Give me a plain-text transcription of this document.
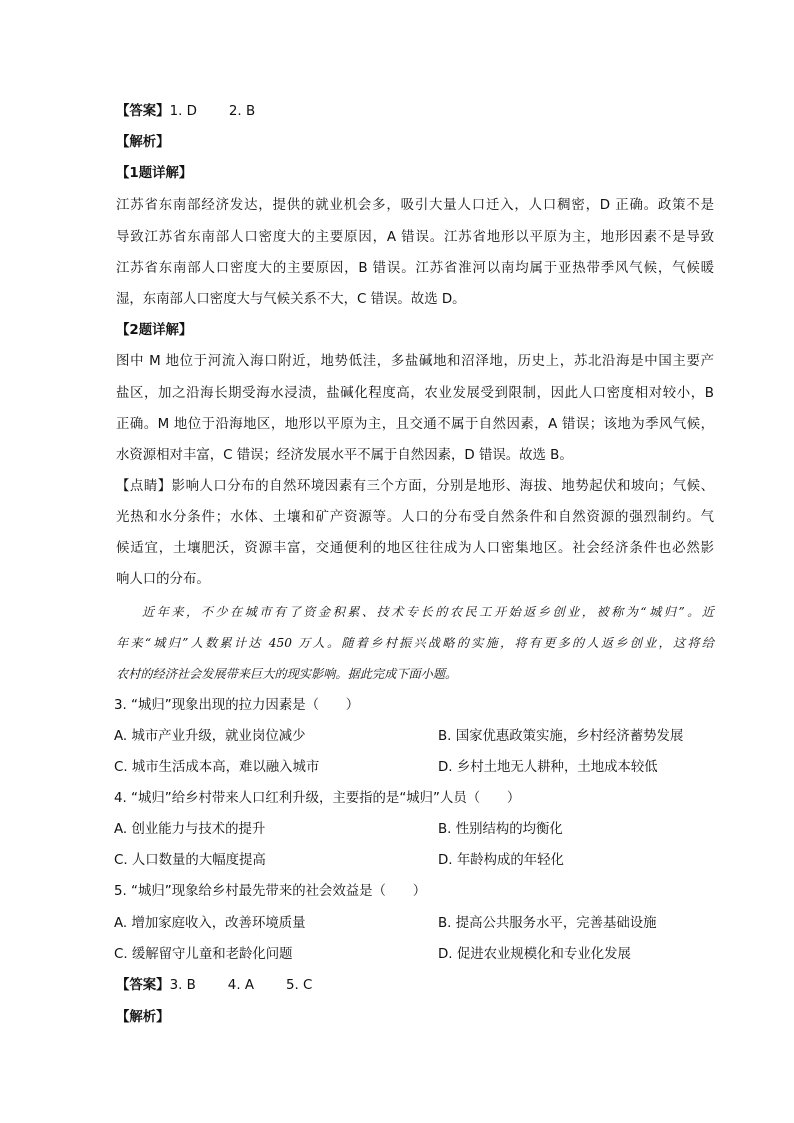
【答案】1. D 2. B
【解析】
【1题详解】
江苏省东南部经济发达，提供的就业机会多，吸引大量人口迁入，人口稠密，D 正确。政策不是
导致江苏省东南部人口密度大的主要原因，A 错误。江苏省地形以平原为主，地形因素不是导致
江苏省东南部人口密度大的主要原因，B 错误。江苏省淮河以南均属于亚热带季风气候，气候暖
湿，东南部人口密度大与气候关系不大，C 错误。故选 D。
【2题详解】
图中 M 地位于河流入海口附近，地势低洼，多盐碱地和沼泽地，历史上，苏北沿海是中国主要产
盐区，加之沿海长期受海水浸渍，盐碱化程度高，农业发展受到限制，因此人口密度相对较小，B
正确。M 地位于沿海地区，地形以平原为主，且交通不属于自然因素，A 错误；该地为季风气候，
水资源相对丰富，C 错误；经济发展水平不属于自然因素，D 错误。故选 B。
【点睛】影响人口分布的自然环境因素有三个方面，分别是地形、海拔、地势起伏和坡向；气候、
光热和水分条件；水体、土壤和矿产资源等。人口的分布受自然条件和自然资源的强烈制约。气
候适宜，土壤肥沃，资源丰富，交通便利的地区往往成为人口密集地区。社会经济条件也必然影
响人口的分布。
近年来，不少在城市有了资金积累、技术专长的农民工开始返乡创业，被称为“城归”。近
年来“城归”人数累计达 450 万人。随着乡村振兴战略的实施，将有更多的人返乡创业，这将给
农村的经济社会发展带来巨大的现实影响。据此完成下面小题。
3. “城归”现象出现的拉力因素是（　　）
A. 城市产业升级，就业岗位减少	B. 国家优惠政策实施，乡村经济蓄势发展
C. 城市生活成本高，难以融入城市	D. 乡村土地无人耕种，土地成本较低
4. “城归”给乡村带来人口红利升级，主要指的是“城归”人员（　　）
A. 创业能力与技术的提升	B. 性别结构的均衡化
C. 人口数量的大幅度提高	D. 年龄构成的年轻化
5. “城归”现象给乡村最先带来的社会效益是（　　）
A. 增加家庭收入，改善环境质量	B. 提高公共服务水平，完善基础设施
C. 缓解留守儿童和老龄化问题	D. 促进农业规模化和专业化发展
【答案】3. B 4. A 5. C
【解析】
